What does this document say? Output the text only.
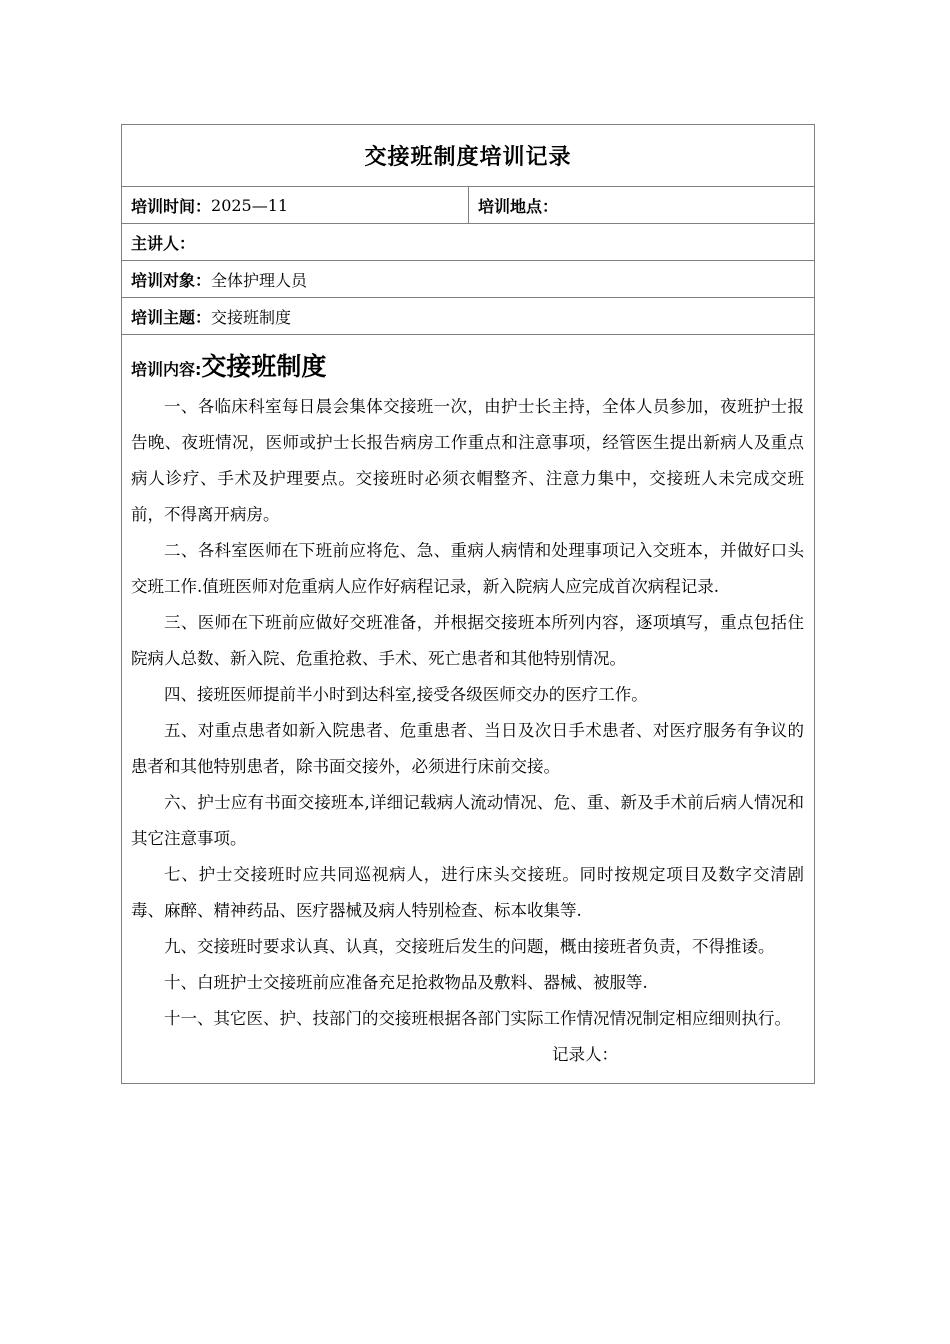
交接班制度培训记录
培训时间： 2025—11	培训地点：
主讲人：
培训对象： 全体护理人员
培训主题： 交接班制度
培训内容: 交接班制度

一、各临床科室每日晨会集体交接班一次，由护士长主持，全体人员参加，夜班护士报告晚、夜班情况，医师或护士长报告病房工作重点和注意事项，经管医生提出新病人及重点病人诊疗、手术及护理要点。交接班时必须衣帽整齐、注意力集中，交接班人未完成交班前，不得离开病房。

二、各科室医师在下班前应将危、急、重病人病情和处理事项记入交班本，并做好口头交班工作.值班医师对危重病人应作好病程记录，新入院病人应完成首次病程记录.

三、医师在下班前应做好交班准备，并根据交接班本所列内容，逐项填写，重点包括住院病人总数、新入院、危重抢救、手术、死亡患者和其他特别情况。

四、接班医师提前半小时到达科室,接受各级医师交办的医疗工作。

五、对重点患者如新入院患者、危重患者、当日及次日手术患者、对医疗服务有争议的患者和其他特别患者，除书面交接外，必须进行床前交接。

六、护士应有书面交接班本,详细记载病人流动情况、危、重、新及手术前后病人情况和其它注意事项。

七、护士交接班时应共同巡视病人，进行床头交接班。同时按规定项目及数字交清剧毒、麻醉、精神药品、医疗器械及病人特别检查、标本收集等.

九、交接班时要求认真、认真，交接班后发生的问题，概由接班者负责，不得推诿。

十、白班护士交接班前应准备充足抢救物品及敷料、器械、被服等.

十一、其它医、护、技部门的交接班根据各部门实际工作情况情况制定相应细则执行。

记录人：
